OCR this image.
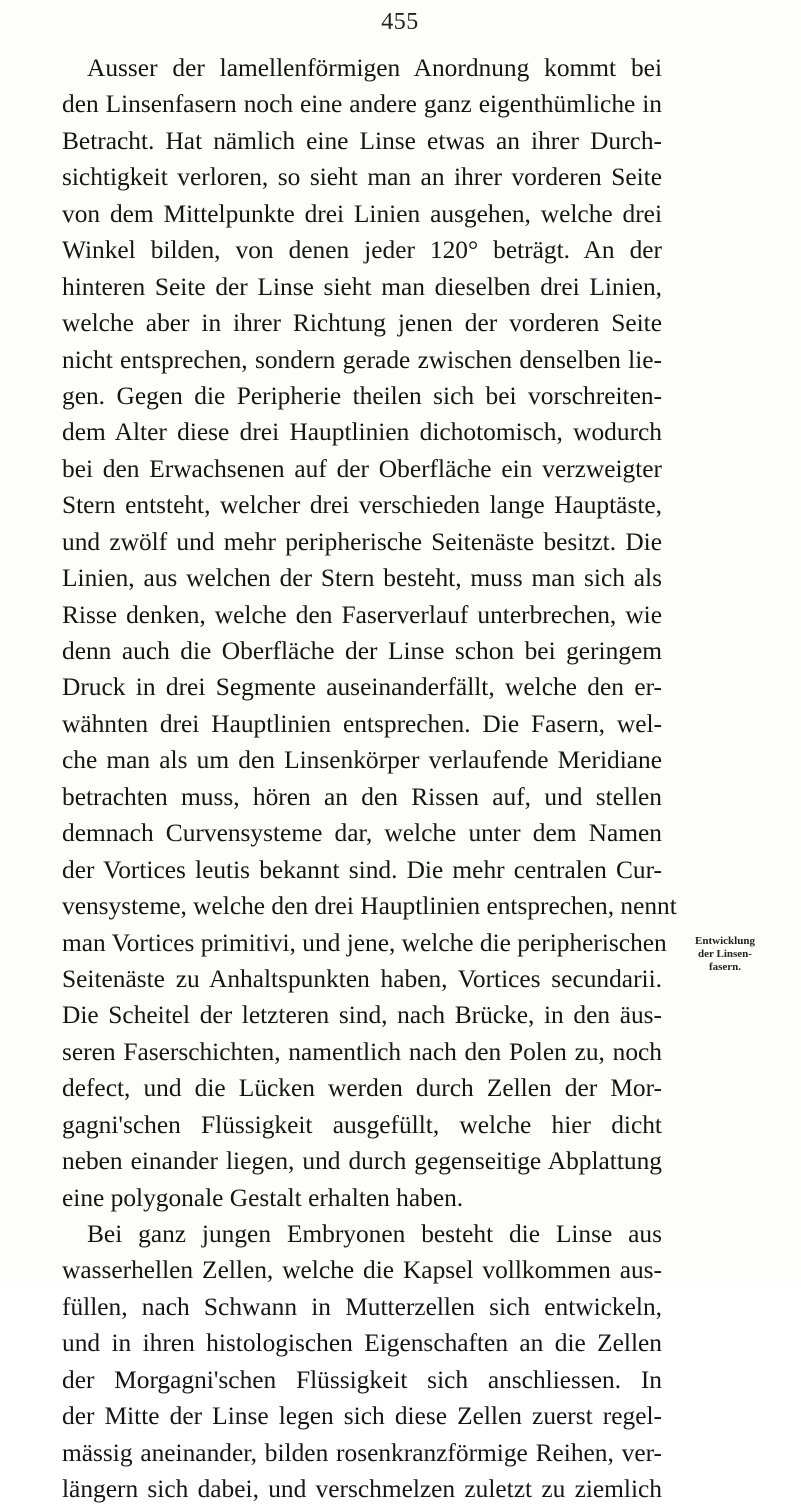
455
Ausser der lamellenförmigen Anordnung kommt bei
den Linsenfasern noch eine andere ganz eigenthümliche in
Betracht. Hat nämlich eine Linse etwas an ihrer Durch-
sichtigkeit verloren, so sieht man an ihrer vorderen Seite
von dem Mittelpunkte drei Linien ausgehen, welche drei
Winkel bilden, von denen jeder 120° beträgt. An der
hinteren Seite der Linse sieht man dieselben drei Linien,
welche aber in ihrer Richtung jenen der vorderen Seite
nicht entsprechen, sondern gerade zwischen denselben lie-
gen. Gegen die Peripherie theilen sich bei vorschreiten-
dem Alter diese drei Hauptlinien dichotomisch, wodurch
bei den Erwachsenen auf der Oberfläche ein verzweigter
Stern entsteht, welcher drei verschieden lange Hauptäste,
und zwölf und mehr peripherische Seitenäste besitzt. Die
Linien, aus welchen der Stern besteht, muss man sich als
Risse denken, welche den Faserverlauf unterbrechen, wie
denn auch die Oberfläche der Linse schon bei geringem
Druck in drei Segmente auseinanderfällt, welche den er-
wähnten drei Hauptlinien entsprechen. Die Fasern, wel-
che man als um den Linsenkörper verlaufende Meridiane
betrachten muss, hören an den Rissen auf, und stellen
demnach Curvensysteme dar, welche unter dem Namen
der Vortices leutis bekannt sind. Die mehr centralen Cur-
vensysteme, welche den drei Hauptlinien entsprechen, nennt
man Vortices primitivi, und jene, welche die peripherischen
Seitenäste zu Anhaltspunkten haben, Vortices secundarii.
Die Scheitel der letzteren sind, nach Brücke, in den äus-
seren Faserschichten, namentlich nach den Polen zu, noch
defect, und die Lücken werden durch Zellen der Mor-
gagni'schen Flüssigkeit ausgefüllt, welche hier dicht
neben einander liegen, und durch gegenseitige Abplattung
eine polygonale Gestalt erhalten haben.
Bei ganz jungen Embryonen besteht die Linse aus
wasserhellen Zellen, welche die Kapsel vollkommen aus-
füllen, nach Schwann in Mutterzellen sich entwickeln,
und in ihren histologischen Eigenschaften an die Zellen
der Morgagni'schen Flüssigkeit sich anschliessen. In
der Mitte der Linse legen sich diese Zellen zuerst regel-
mässig aneinander, bilden rosenkranzförmige Reihen, ver-
längern sich dabei, und verschmelzen zuletzt zu ziemlich
Entwicklung
der Linsen-
fasern.
